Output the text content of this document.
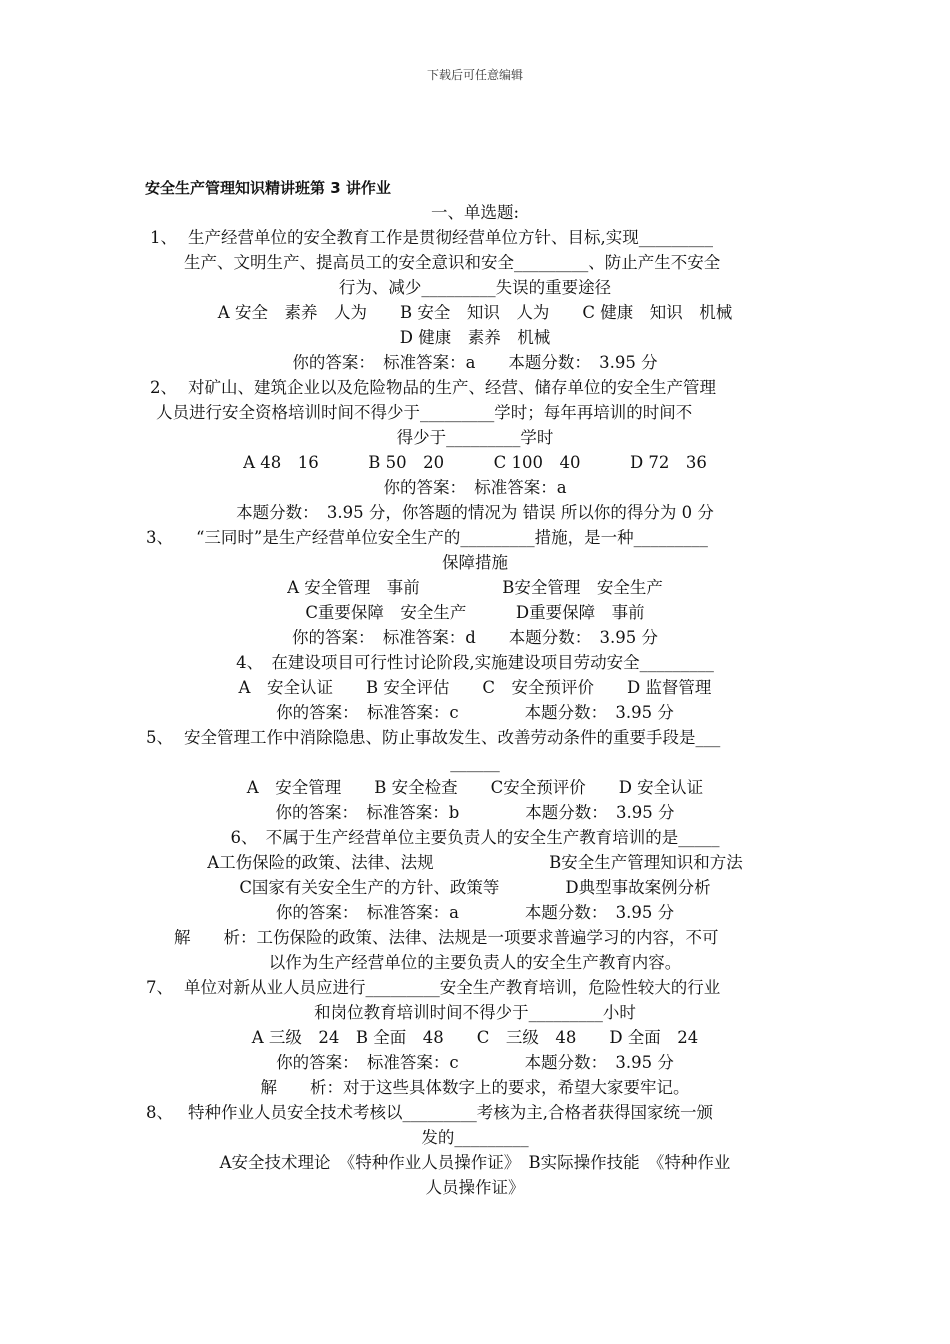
下载后可任意编辑
安全生产管理知识精讲班第 3 讲作业
一、单选题:
1、 生产经营单位的安全教育工作是贯彻经营单位方针、目标,实现_________
生产、文明生产、提高员工的安全意识和安全_________、防止产生不安全
行为、减少_________失误的重要途径
A 安全　素养　人为　　B 安全　知识　人为　　C 健康　知识　机械
D 健康　素养　机械
你的答案：　标准答案：a　　本题分数：　3.95 分
2、 对矿山、建筑企业以及危险物品的生产、经营、储存单位的安全生产管理
人员进行安全资格培训时间不得少于_________学时；每年再培训的时间不
得少于_________学时
A 48　16　　　B 50　20　　　C 100　40　　　D 72　36
你的答案：　标准答案：a
本题分数：　3.95 分，你答题的情况为 错误 所以你的得分为 0 分
3、 “三同时”是生产经营单位安全生产的_________措施，是一种_________
保障措施
A 安全管理　事前　　　　　B安全管理　安全生产
C重要保障　安全生产　　　D重要保障　事前
你的答案：　标准答案：d　　本题分数：　3.95 分
4、　在建设项目可行性讨论阶段,实施建设项目劳动安全_________
A　安全认证　　B 安全评估　　C　安全预评价　　D 监督管理
你的答案：　标准答案：c　　　　本题分数：　3.95 分
5、 安全管理工作中消除隐患、防止事故发生、改善劳动条件的重要手段是___
______
A　安全管理　　B 安全检查　　C安全预评价　　D 安全认证
你的答案：　标准答案：b　　　　本题分数：　3.95 分
6、　不属于生产经营单位主要负责人的安全生产教育培训的是_____
A工伤保险的政策、法律、法规　　　　　　　B安全生产管理知识和方法
C国家有关安全生产的方针、政策等　　　　D典型事故案例分析
你的答案：　标准答案：a　　　　本题分数：　3.95 分
解　　析：工伤保险的政策、法律、法规是一项要求普遍学习的内容，不可
以作为生产经营单位的主要负责人的安全生产教育内容。
7、 单位对新从业人员应进行_________安全生产教育培训，危险性较大的行业
和岗位教育培训时间不得少于_________小时
A 三级　24　B 全面　48　　C　三级　48　　D 全面　24
你的答案：　标准答案：c　　　　本题分数：　3.95 分
解　　析：对于这些具体数字上的要求，希望大家要牢记。
8、 特种作业人员安全技术考核以_________考核为主,合格者获得国家统一颁
发的_________
A安全技术理论　《特种作业人员操作证》　B实际操作技能　《特种作业
人员操作证》
